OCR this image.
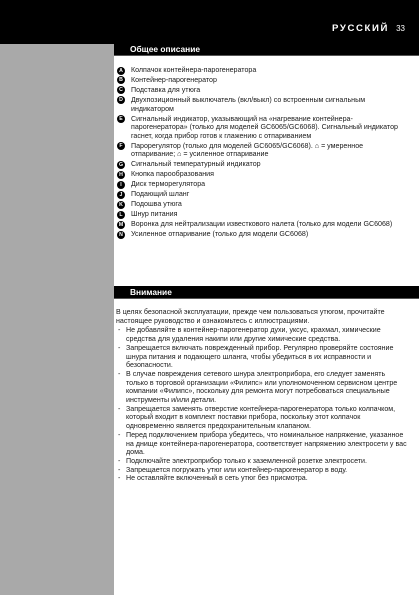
РУССКИЙ 33
Общее описание
A Колпачок контейнера-парогенератора
B Контейнер-парогенератор
C Подставка для утюга
D Двухпозиционный выключатель (вкл/выкл) со встроенным сигнальным индикатором
E	Сигнальный индикатор, указывающий на «нагревание контейнера-парогенератора» (только для моделей GC6065/GC6068). Сигнальный индикатор гаснет, когда прибор готов к глажению с отпариванием
F	Парорегулятор (только для моделей GC6065/GC6068). ⌂ = умеренное отпаривание; ⌂ = усиленное отпаривание
G Сигнальный температурный индикатор
H Кнопка парообразования
I	Диск терморегулятора
J	Подающий шланг
K Подошва утюга
L	Шнур питания
M Воронка для нейтрализации известкового налета (только для модели GC6068)
N Усиленное отпаривание (только для модели GC6068)
Внимание

В целях безопасной эксплуатации, прежде чем пользоваться утюгом, прочитайте настоящее руководство и ознакомьтесь с иллюстрациями.

- Не добавляйте в контейнер-парогенератор духи, уксус, крахмал, химические средства для удаления накипи или другие химические средства.
- Запрещается включать поврежденный прибор. Регулярно проверяйте состояние шнура питания и подающего шланга, чтобы убедиться в их исправности и безопасности.
- В случае повреждения сетевого шнура электроприбора, его следует заменять только в торговой организации «Филипс» или уполномоченном сервисном центре компании «Филипс», поскольку для ремонта могут потребоваться специальные инструменты и/или детали.
- Запрещается заменять отверстие контейнера-парогенератора только колпачком, который входит в комплект поставки прибора, поскольку этот колпачок одновременно является предохранительным клапаном.
- Перед подключением прибора убедитесь, что номинальное напряжение, указанное на днище контейнера-парогенератора, соответствует напряжению электросети у вас дома.
- Подключайте электроприбор только к заземленной розетке электросети.
- Запрещается погружать утюг или контейнер-парогенератор в воду.
- Не оставляйте включенный в сеть утюг без присмотра.
